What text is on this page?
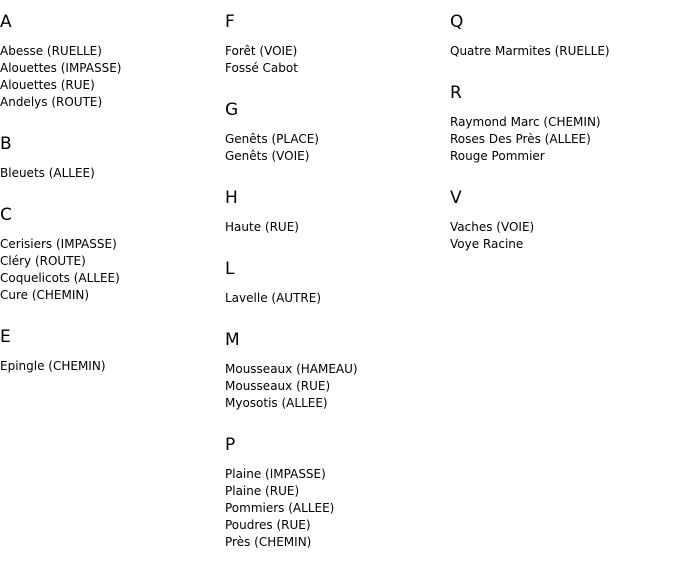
A
Abesse (RUELLE)
Alouettes (IMPASSE)
Alouettes (RUE)
Andelys (ROUTE)
B
Bleuets (ALLEE)
C
Cerisiers (IMPASSE)
Cléry (ROUTE)
Coquelicots (ALLEE)
Cure (CHEMIN)
E
Epingle (CHEMIN)
F
Forêt (VOIE)
Fossé Cabot
G
Genêts (PLACE)
Genêts (VOIE)
H
Haute (RUE)
L
Lavelle (AUTRE)
M
Mousseaux (HAMEAU)
Mousseaux (RUE)
Myosotis (ALLEE)
P
Plaine (IMPASSE)
Plaine (RUE)
Pommiers (ALLEE)
Poudres (RUE)
Près (CHEMIN)
Q
Quatre Marmites (RUELLE)
R
Raymond Marc (CHEMIN)
Roses Des Près (ALLEE)
Rouge Pommier
V
Vaches (VOIE)
Voye Racine
